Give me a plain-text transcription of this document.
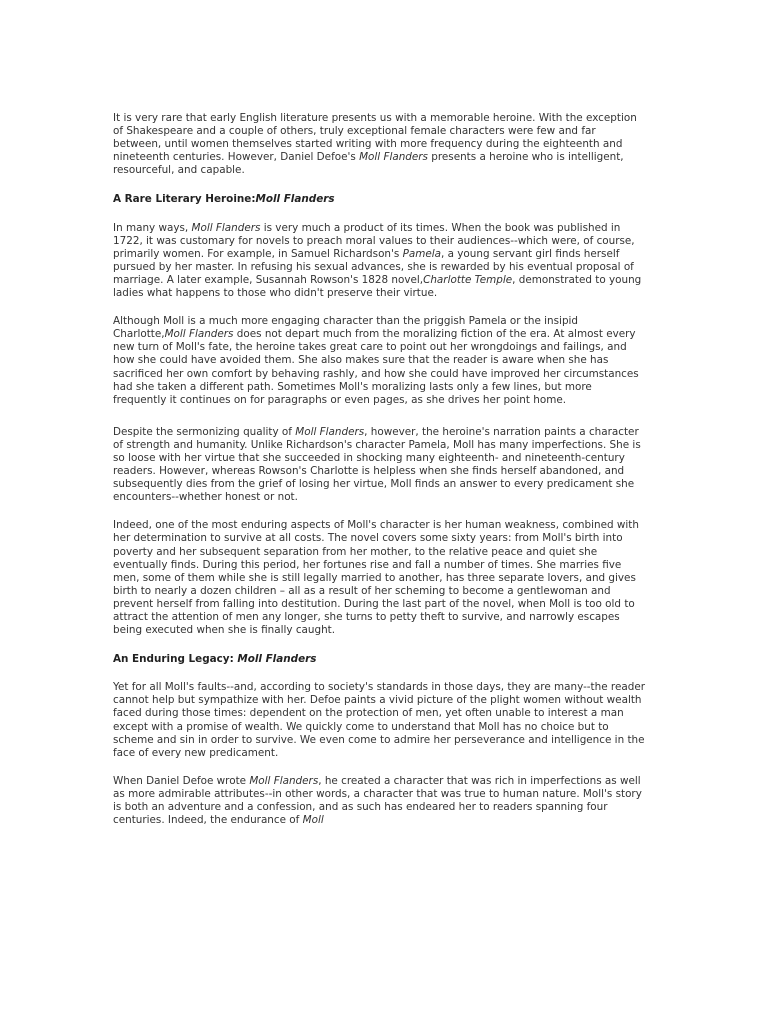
It is very rare that early English literature presents us with a memorable heroine. With the exception of Shakespeare and a couple of others, truly exceptional female characters were few and far between, until women themselves started writing with more frequency during the eighteenth and nineteenth centuries. However, Daniel Defoe's Moll Flanders presents a heroine who is intelligent, resourceful, and capable.

A Rare Literary Heroine:Moll Flanders

In many ways, Moll Flanders is very much a product of its times. When the book was published in 1722, it was customary for novels to preach moral values to their audiences--which were, of course, primarily women. For example, in Samuel Richardson's Pamela, a young servant girl finds herself pursued by her master. In refusing his sexual advances, she is rewarded by his eventual proposal of marriage. A later example, Susannah Rowson's 1828 novel,Charlotte Temple, demonstrated to young ladies what happens to those who didn't preserve their virtue.

Although Moll is a much more engaging character than the priggish Pamela or the insipid Charlotte,Moll Flanders does not depart much from the moralizing fiction of the era. At almost every new turn of Moll's fate, the heroine takes great care to point out her wrongdoings and failings, and how she could have avoided them. She also makes sure that the reader is aware when she has sacrificed her own comfort by behaving rashly, and how she could have improved her circumstances had she taken a different path. Sometimes Moll's moralizing lasts only a few lines, but more frequently it continues on for paragraphs or even pages, as she drives her point home.

Despite the sermonizing quality of Moll Flanders, however, the heroine's narration paints a character of strength and humanity. Unlike Richardson's character Pamela, Moll has many imperfections. She is so loose with her virtue that she succeeded in shocking many eighteenth- and nineteenth-century readers. However, whereas Rowson's Charlotte is helpless when she finds herself abandoned, and subsequently dies from the grief of losing her virtue, Moll finds an answer to every predicament she encounters--whether honest or not.

Indeed, one of the most enduring aspects of Moll's character is her human weakness, combined with her determination to survive at all costs. The novel covers some sixty years: from Moll's birth into poverty and her subsequent separation from her mother, to the relative peace and quiet she eventually finds. During this period, her fortunes rise and fall a number of times. She marries five men, some of them while she is still legally married to another, has three separate lovers, and gives birth to nearly a dozen children – all as a result of her scheming to become a gentlewoman and prevent herself from falling into destitution. During the last part of the novel, when Moll is too old to attract the attention of men any longer, she turns to petty theft to survive, and narrowly escapes being executed when she is finally caught.

An Enduring Legacy: Moll Flanders

Yet for all Moll's faults--and, according to society's standards in those days, they are many--the reader cannot help but sympathize with her. Defoe paints a vivid picture of the plight women without wealth faced during those times: dependent on the protection of men, yet often unable to interest a man except with a promise of wealth. We quickly come to understand that Moll has no choice but to scheme and sin in order to survive. We even come to admire her perseverance and intelligence in the face of every new predicament.

When Daniel Defoe wrote Moll Flanders, he created a character that was rich in imperfections as well as more admirable attributes--in other words, a character that was true to human nature. Moll's story is both an adventure and a confession, and as such has endeared her to readers spanning four centuries. Indeed, the endurance of Moll
